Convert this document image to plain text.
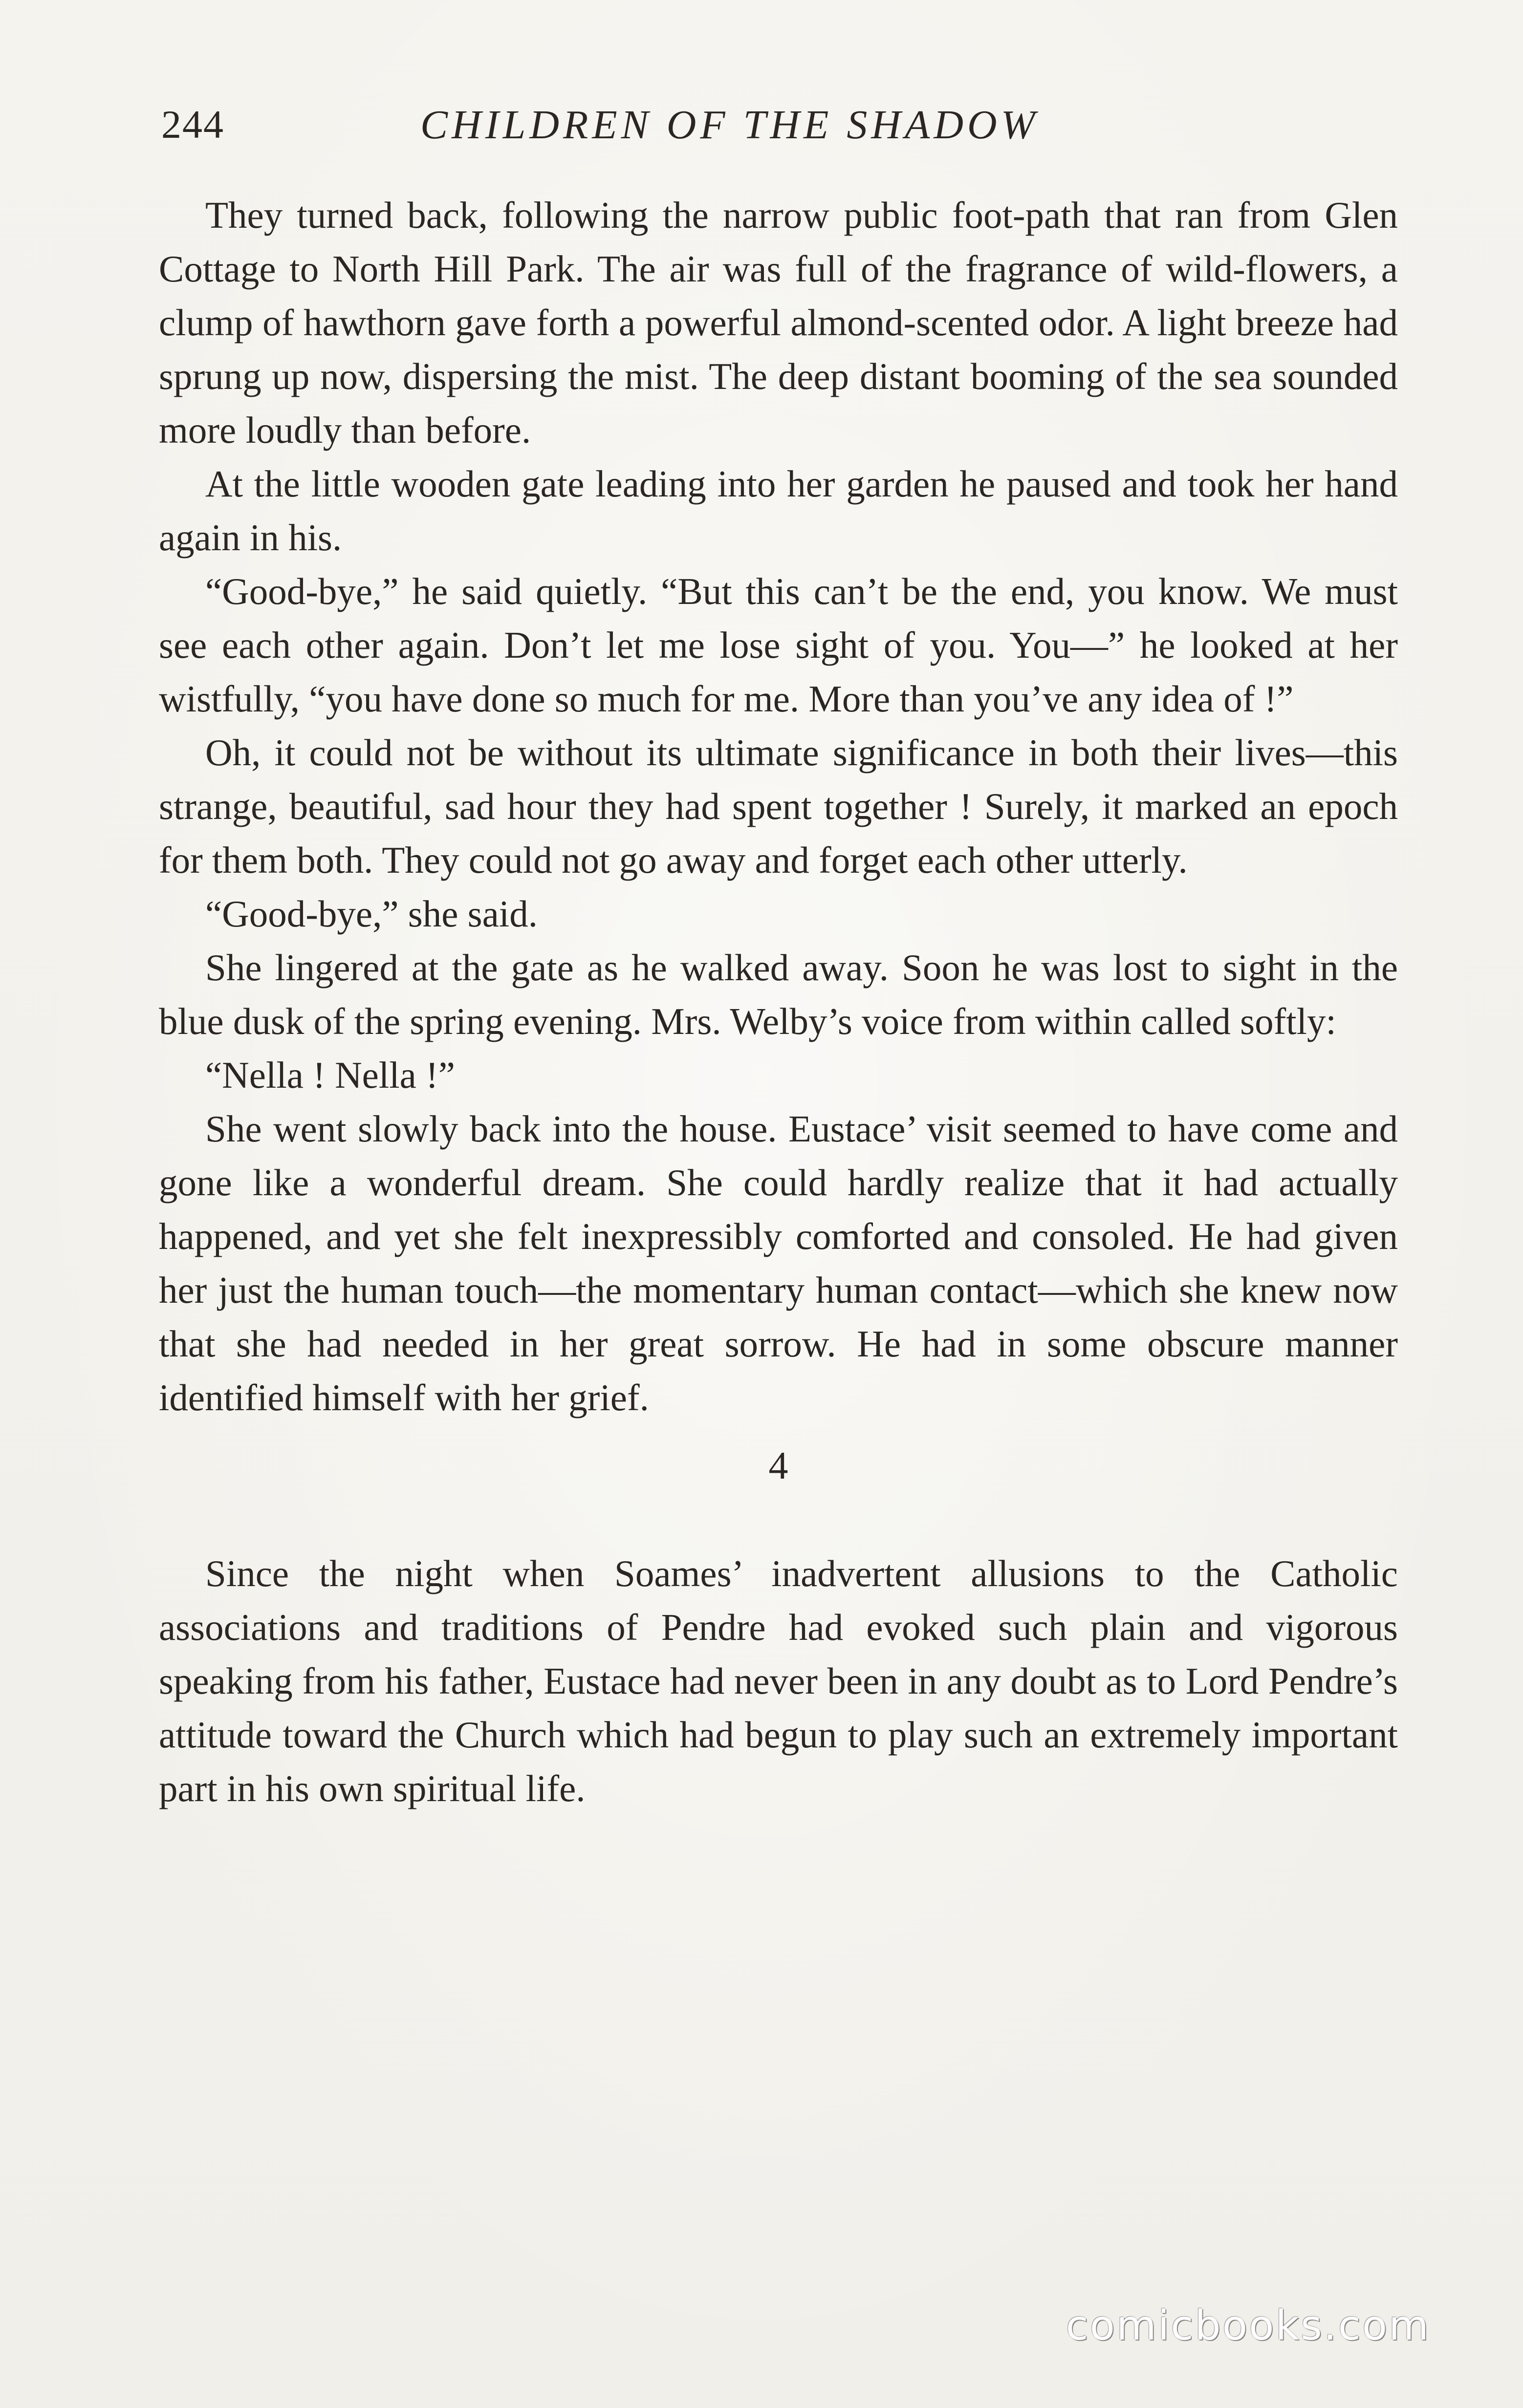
244	CHILDREN OF THE SHADOW

They turned back, following the narrow public foot-path that ran from Glen Cottage to North Hill Park. The air was full of the fragrance of wild-flowers, a clump of hawthorn gave forth a powerful almond-scented odor. A light breeze had sprung up now, dispersing the mist. The deep distant booming of the sea sounded more loudly than before.

At the little wooden gate leading into her garden he paused and took her hand again in his.

“Good-bye,” he said quietly. “But this can’t be the end, you know. We must see each other again. Don’t let me lose sight of you. You—” he looked at her wistfully, “you have done so much for me. More than you’ve any idea of !”

Oh, it could not be without its ultimate significance in both their lives—this strange, beautiful, sad hour they had spent together ! Surely, it marked an epoch for them both. They could not go away and forget each other utterly.

“Good-bye,” she said.

She lingered at the gate as he walked away. Soon he was lost to sight in the blue dusk of the spring evening. Mrs. Welby’s voice from within called softly:

“Nella ! Nella !”

She went slowly back into the house. Eustace’ visit seemed to have come and gone like a wonderful dream. She could hardly realize that it had actually happened, and yet she felt inexpressibly comforted and consoled. He had given her just the human touch—the momentary human contact—which she knew now that she had needed in her great sorrow. He had in some obscure manner identified himself with her grief.

4

Since the night when Soames’ inadvertent allusions to the Catholic associations and traditions of Pendre had evoked such plain and vigorous speaking from his father, Eustace had never been in any doubt as to Lord Pendre’s attitude toward the Church which had begun to play such an extremely important part in his own spiritual life.

comicbooks.com
